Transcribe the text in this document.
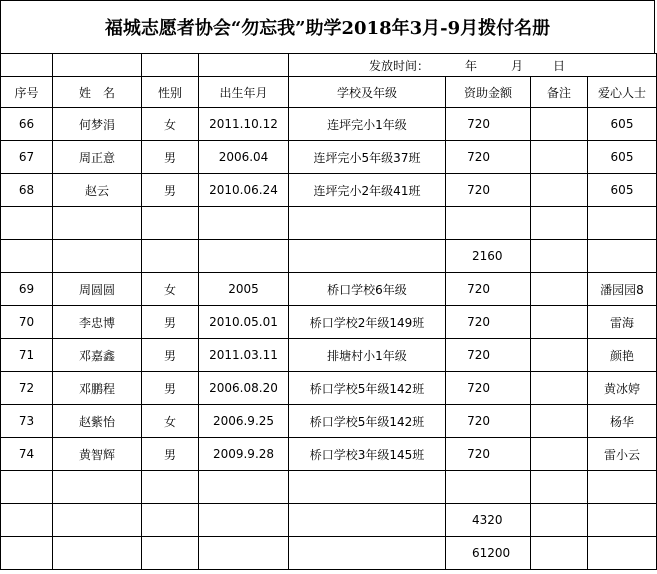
福城志愿者协会“勿忘我”助学2018年3月-9月拨付名册
				发放时间： 年 月 日			
序号	姓　名	性别	出生年月	学校及年级	资助金额	备注	爱心人士
66	何梦涓	女	2011.10.12	连坪完小1年级	720		605
67	周正意	男	2006.04	连坪完小5年级37班	720		605
68	赵云	男	2010.06.24	连坪完小2年级41班	720		605

					2160		
69	周圆圆	女	2005	桥口学校6年级	720		潘园园8
70	李忠博	男	2010.05.01	桥口学校2年级149班	720		雷海
71	邓嘉鑫	男	2011.03.11	排塘村小1年级	720		颜艳
72	邓鹏程	男	2006.08.20	桥口学校5年级142班	720		黄冰婷
73	赵紫怡	女	2006.9.25	桥口学校5年级142班	720		杨华
74	黄智辉	男	2009.9.28	桥口学校3年级145班	720		雷小云

					4320		
					61200		
